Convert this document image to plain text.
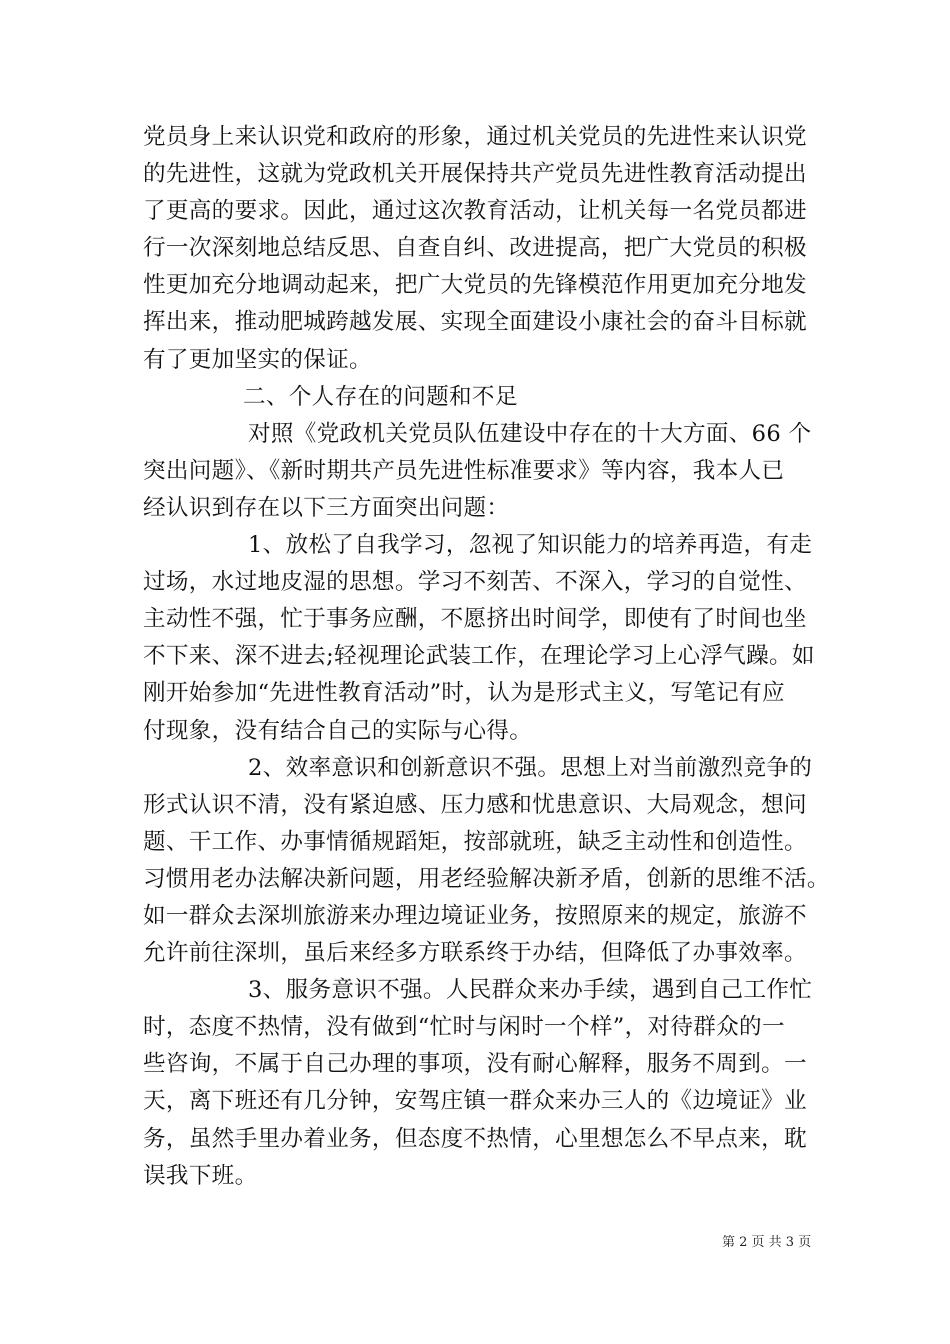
党员身上来认识党和政府的形象，通过机关党员的先进性来认识党
的先进性，这就为党政机关开展保持共产党员先进性教育活动提出
了更高的要求。因此，通过这次教育活动，让机关每一名党员都进
行一次深刻地总结反思、自查自纠、改进提高，把广大党员的积极
性更加充分地调动起来，把广大党员的先锋模范作用更加充分地发
挥出来，推动肥城跨越发展、实现全面建设小康社会的奋斗目标就
有了更加坚实的保证。

二、个人存在的问题和不足

对照《党政机关党员队伍建设中存在的十大方面、66 个
突出问题》、《新时期共产员先进性标准要求》等内容，我本人已
经认识到存在以下三方面突出问题：

1、放松了自我学习，忽视了知识能力的培养再造，有走
过场，水过地皮湿的思想。学习不刻苦、不深入，学习的自觉性、
主动性不强，忙于事务应酬，不愿挤出时间学，即使有了时间也坐
不下来、深不进去;轻视理论武装工作，在理论学习上心浮气躁。如
刚开始参加“先进性教育活动”时，认为是形式主义，写笔记有应
付现象，没有结合自己的实际与心得。

2、效率意识和创新意识不强。思想上对当前激烈竞争的
形式认识不清，没有紧迫感、压力感和忧患意识、大局观念，想问
题、干工作、办事情循规蹈矩，按部就班，缺乏主动性和创造性。
习惯用老办法解决新问题，用老经验解决新矛盾，创新的思维不活。
如一群众去深圳旅游来办理边境证业务，按照原来的规定，旅游不
允许前往深圳，虽后来经多方联系终于办结，但降低了办事效率。

3、服务意识不强。人民群众来办手续，遇到自己工作忙
时，态度不热情，没有做到“忙时与闲时一个样”，对待群众的一
些咨询，不属于自己办理的事项，没有耐心解释，服务不周到。一
天，离下班还有几分钟，安驾庄镇一群众来办三人的《边境证》业
务，虽然手里办着业务，但态度不热情，心里想怎么不早点来，耽
误我下班。

第 2 页 共 3 页
